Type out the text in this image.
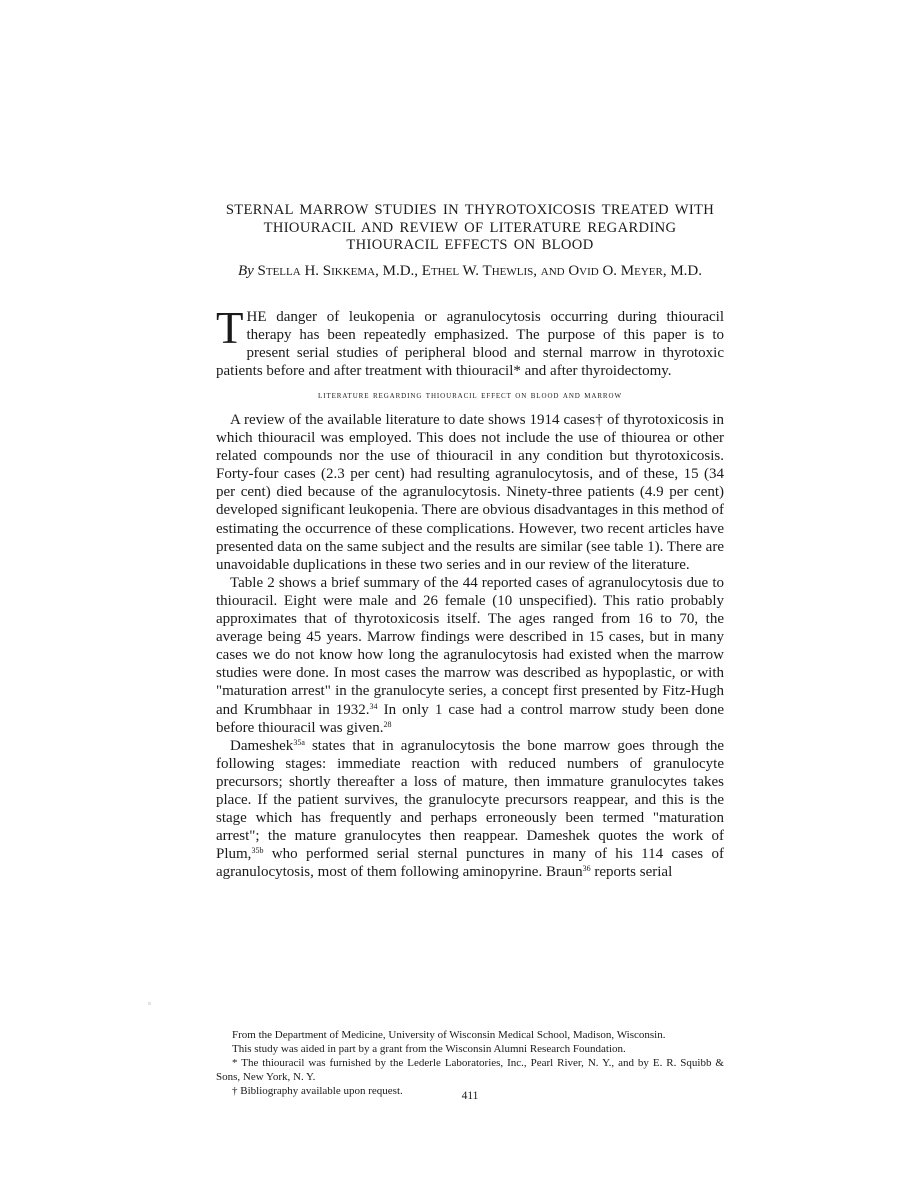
STERNAL MARROW STUDIES IN THYROTOXICOSIS TREATED WITH
THIOURACIL AND REVIEW OF LITERATURE REGARDING
THIOURACIL EFFECTS ON BLOOD
By Stella H. Sikkema, M.D., Ethel W. Thewlis, and Ovid O. Meyer, M.D.
THE danger of leukopenia or agranulocytosis occurring during thiouracil therapy has been repeatedly emphasized. The purpose of this paper is to present serial studies of peripheral blood and sternal marrow in thyrotoxic patients before and after treatment with thiouracil* and after thyroidectomy.
literature regarding thiouracil effect on blood and marrow

A review of the available literature to date shows 1914 cases† of thyrotoxicosis in which thiouracil was employed. This does not include the use of thiourea or other related compounds nor the use of thiouracil in any condition but thyrotoxicosis. Forty-four cases (2.3 per cent) had resulting agranulocytosis, and of these, 15 (34 per cent) died because of the agranulocytosis. Ninety-three patients (4.9 per cent) developed significant leukopenia. There are obvious disadvantages in this method of estimating the occurrence of these complications. However, two recent articles have presented data on the same subject and the results are similar (see table 1). There are unavoidable duplications in these two series and in our review of the literature.

Table 2 shows a brief summary of the 44 reported cases of agranulocytosis due to thiouracil. Eight were male and 26 female (10 unspecified). This ratio probably approximates that of thyrotoxicosis itself. The ages ranged from 16 to 70, the average being 45 years. Marrow findings were described in 15 cases, but in many cases we do not know how long the agranulocytosis had existed when the marrow studies were done. In most cases the marrow was described as hypoplastic, or with "maturation arrest" in the granulocyte series, a concept first presented by Fitz-Hugh and Krumbhaar in 1932.34 In only 1 case had a control marrow study been done before thiouracil was given.$^{28}$

Dameshek$^{35a}$ states that in agranulocytosis the bone marrow goes through the following stages: immediate reaction with reduced numbers of granulocyte precursors; shortly thereafter a loss of mature, then immature granulocytes takes place. If the patient survives, the granulocyte precursors reappear, and this is the stage which has frequently and perhaps erroneously been termed "maturation arrest"; the mature granulocytes then reappear. Dameshek quotes the work of Plum,$^{35b}$ who performed serial sternal punctures in many of his 114 cases of agranulocytosis, most of them following aminopyrine. Braun$^{36}$ reports serial

From the Department of Medicine, University of Wisconsin Medical School, Madison, Wisconsin.

This study was aided in part by a grant from the Wisconsin Alumni Research Foundation.

* The thiouracil was furnished by the Lederle Laboratories, Inc., Pearl River, N. Y., and by E. R. Squibb & Sons, New York, N. Y.

† Bibliography available upon request.	411
